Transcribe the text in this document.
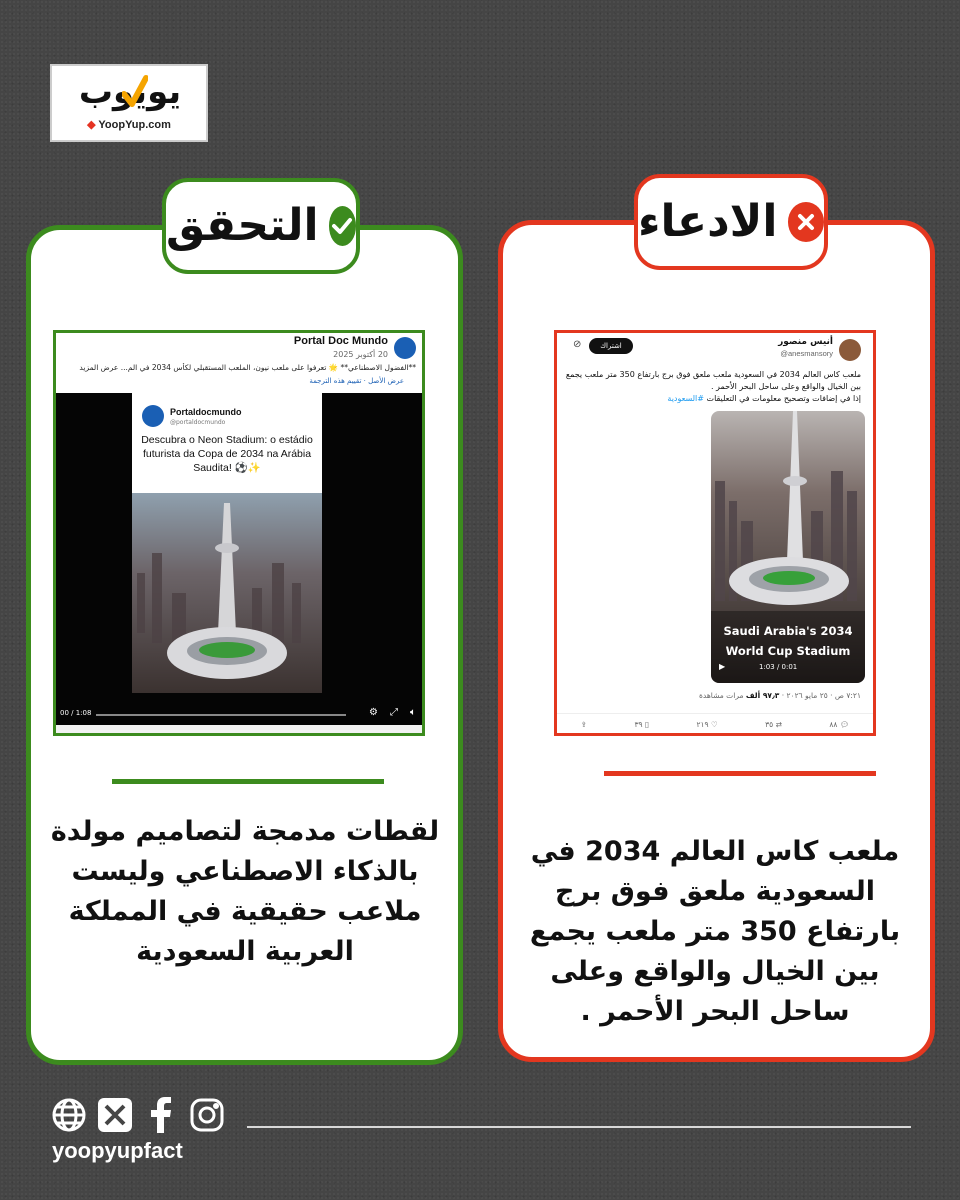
يويوب
◆ YoopYup.com
التحقق
Portal Doc Mundo
20 أكتوبر 2025
**الفضول الاصطناعي** 🌟 تعرفوا على ملعب نيون، الملعب المستقبلي لكأس 2034 في الم... عرض المزيد
عرض الأصل · تقييم هذه الترجمة
Portaldocmundo
@portaldocmundo
Descubra o Neon Stadium: o estádio futurista da Copa de 2034 na Arábia Saudita! ⚽✨
00 / 1:08	⚙ ⤢ 🔈︎
لقطات مدمجة لتصاميم مولدة بالذكاء الاصطناعي وليست ملاعب حقيقية في المملكة العربية السعودية
الادعاء
أنيس منصور
@anesmansory
اشتراك
⊘
ملعب كاس العالم 2034 في السعودية ملعب ملعق فوق برج بارتفاع 350 متر ملعب يجمع بين الخيال والواقع وعلى ساحل البحر الأحمر .
إذا في إضافات وتصحيح معلومات في التعليقات #السعودية
Saudi Arabia's 2034
World Cup Stadium
▶	1:03 / 0:01
٧:٢١ ص · ٢٥ مايو ٢٠٢٦ · ٩٧٫٣ ألف مرات مشاهدة
💬︎ ٨٨
⇄ ٣٥
♡ ٢١٩
▯ ٣٩
⇪
ملعب كاس العالم 2034 في السعودية ملعق فوق برج بارتفاع 350 متر ملعب يجمع بين الخيال والواقع وعلى ساحل البحر الأحمر .
yoopyupfact
